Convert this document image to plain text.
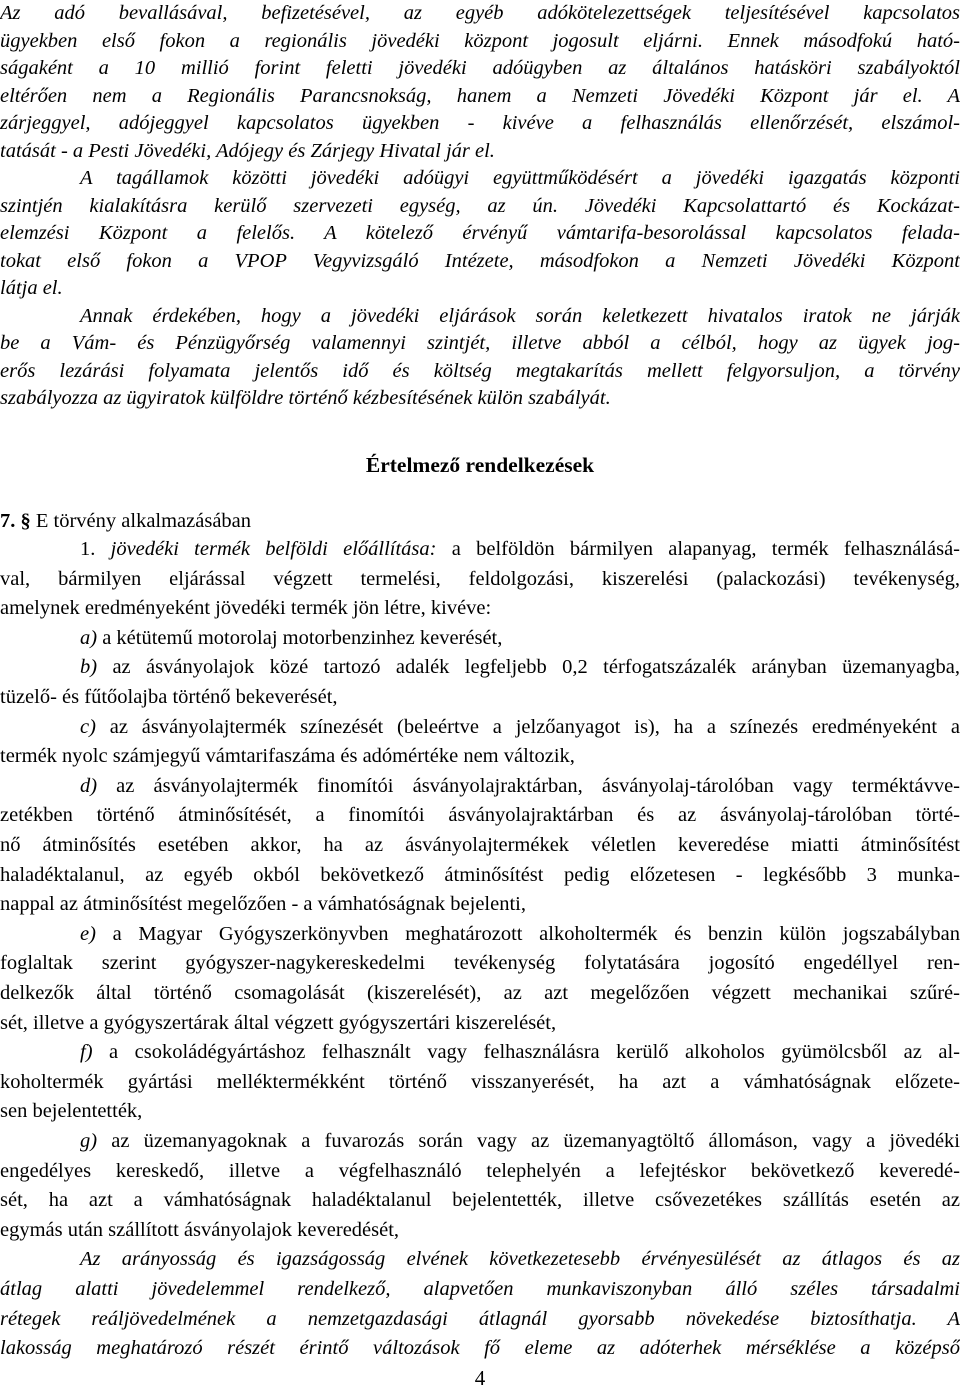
Az adó bevallásával, befizetésével, az egyéb adókötelezettségek teljesítésével kapcsolatos
ügyekben első fokon a regionális jövedéki központ jogosult eljárni. Ennek másodfokú ható-
ságaként a 10 millió forint feletti jövedéki adóügyben az általános hatásköri szabályoktól
eltérően nem a Regionális Parancsnokság, hanem a Nemzeti Jövedéki Központ jár el. A
zárjeggyel, adójeggyel kapcsolatos ügyekben - kivéve a felhasználás ellenőrzését, elszámol-
tatását - a Pesti Jövedéki, Adójegy és Zárjegy Hivatal jár el.
A tagállamok közötti jövedéki adóügyi együttműködésért a jövedéki igazgatás központi
szintjén kialakításra kerülő szervezeti egység, az ún. Jövedéki Kapcsolattartó és Kockázat-
elemzési Központ a felelős. A kötelező érvényű vámtarifa-besorolással kapcsolatos felada-
tokat első fokon a VPOP Vegyvizsgáló Intézete, másodfokon a Nemzeti Jövedéki Központ
látja el.
Annak érdekében, hogy a jövedéki eljárások során keletkezett hivatalos iratok ne járják
be a Vám- és Pénzügyőrség valamennyi szintjét, illetve abból a célból, hogy az ügyek jog-
erős lezárási folyamata jelentős idő és költség megtakarítás mellett felgyorsuljon, a törvény
szabályozza az ügyiratok külföldre történő kézbesítésének külön szabályát.
Értelmező rendelkezések
7. § E törvény alkalmazásában
1. jövedéki termék belföldi előállítása: a belföldön bármilyen alapanyag, termék felhasználásá-
val, bármilyen eljárással végzett termelési, feldolgozási, kiszerelési (palackozási) tevékenység,
amelynek eredményeként jövedéki termék jön létre, kivéve:
a) a kétütemű motorolaj motorbenzinhez keverését,
b) az ásványolajok közé tartozó adalék legfeljebb 0,2 térfogatszázalék arányban üzemanyagba,
tüzelő- és fűtőolajba történő bekeverését,
c) az ásványolajtermék színezését (beleértve a jelzőanyagot is), ha a színezés eredményeként a
termék nyolc számjegyű vámtarifaszáma és adómértéke nem változik,
d) az ásványolajtermék finomítói ásványolajraktárban, ásványolaj-tárolóban vagy terméktávve-
zetékben történő átminősítését, a finomítói ásványolajraktárban és az ásványolaj-tárolóban törté-
nő átminősítés esetében akkor, ha az ásványolajtermékek véletlen keveredése miatti átminősítést
haladéktalanul, az egyéb okból bekövetkező átminősítést pedig előzetesen - legkésőbb 3 munka-
nappal az átminősítést megelőzően - a vámhatóságnak bejelenti,
e) a Magyar Gyógyszerkönyvben meghatározott alkoholtermék és benzin külön jogszabályban
foglaltak szerint gyógyszer-nagykereskedelmi tevékenység folytatására jogosító engedéllyel ren-
delkezők által történő csomagolását (kiszerelését), az azt megelőzően végzett mechanikai szűré-
sét, illetve a gyógyszertárak által végzett gyógyszertári kiszerelését,
f) a csokoládégyártáshoz felhasznált vagy felhasználásra kerülő alkoholos gyümölcsből az al-
koholtermék gyártási melléktermékként történő visszanyerését, ha azt a vámhatóságnak előzete-
sen bejelentették,
g) az üzemanyagoknak a fuvarozás során vagy az üzemanyagtöltő állomáson, vagy a jövedéki
engedélyes kereskedő, illetve a végfelhasználó telephelyén a lefejtéskor bekövetkező keveredé-
sét, ha azt a vámhatóságnak haladéktalanul bejelentették, illetve csővezetékes szállítás esetén az
egymás után szállított ásványolajok keveredését,
Az arányosság és igazságosság elvének következetesebb érvényesülését az átlagos és az
átlag alatti jövedelemmel rendelkező, alapvetően munkaviszonyban álló széles társadalmi
rétegek reáljövedelmének a nemzetgazdasági átlagnál gyorsabb növekedése biztosíthatja. A
lakosság meghatározó részét érintő változások fő eleme az adóterhek mérséklése a középső
4
